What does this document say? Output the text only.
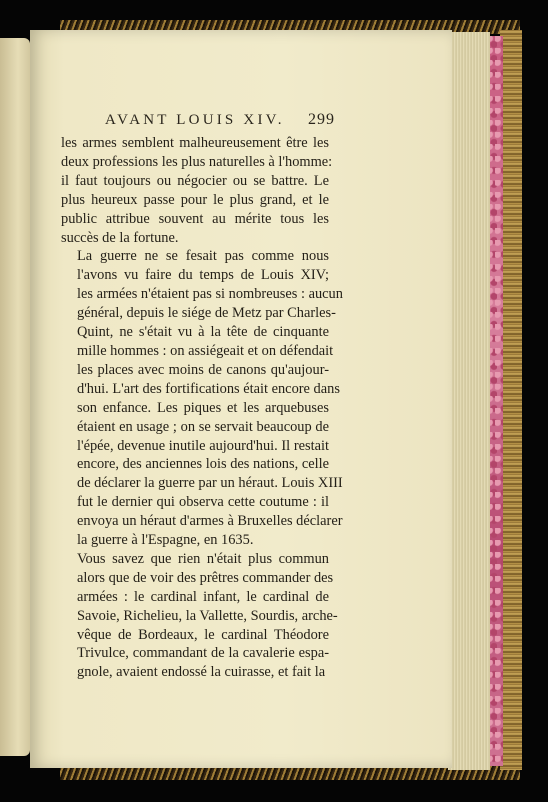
AVANT LOUIS XIV. 299

les armes semblent malheureusement être les
deux professions les plus naturelles à l'homme:
il faut toujours ou négocier ou se battre. Le
plus heureux passe pour le plus grand, et le
public attribue souvent au mérite tous les
succès de la fortune.

La guerre ne se fesait pas comme nous
l'avons vu faire du temps de Louis XIV;
les armées n'étaient pas si nombreuses : aucun
général, depuis le siége de Metz par Charles-
Quint, ne s'était vu à la tête de cinquante
mille hommes : on assiégeait et on défendait
les places avec moins de canons qu'aujour-
d'hui. L'art des fortifications était encore dans
son enfance. Les piques et les arquebuses
étaient en usage ; on se servait beaucoup de
l'épée, devenue inutile aujourd'hui. Il restait
encore, des anciennes lois des nations, celle
de déclarer la guerre par un héraut. Louis XIII
fut le dernier qui observa cette coutume : il
envoya un héraut d'armes à Bruxelles déclarer
la guerre à l'Espagne, en 1635.

Vous savez que rien n'était plus commun
alors que de voir des prêtres commander des
armées : le cardinal infant, le cardinal de
Savoie, Richelieu, la Vallette, Sourdis, arche-
vêque de Bordeaux, le cardinal Théodore
Trivulce, commandant de la cavalerie espa-
gnole, avaient endossé la cuirasse, et fait la
